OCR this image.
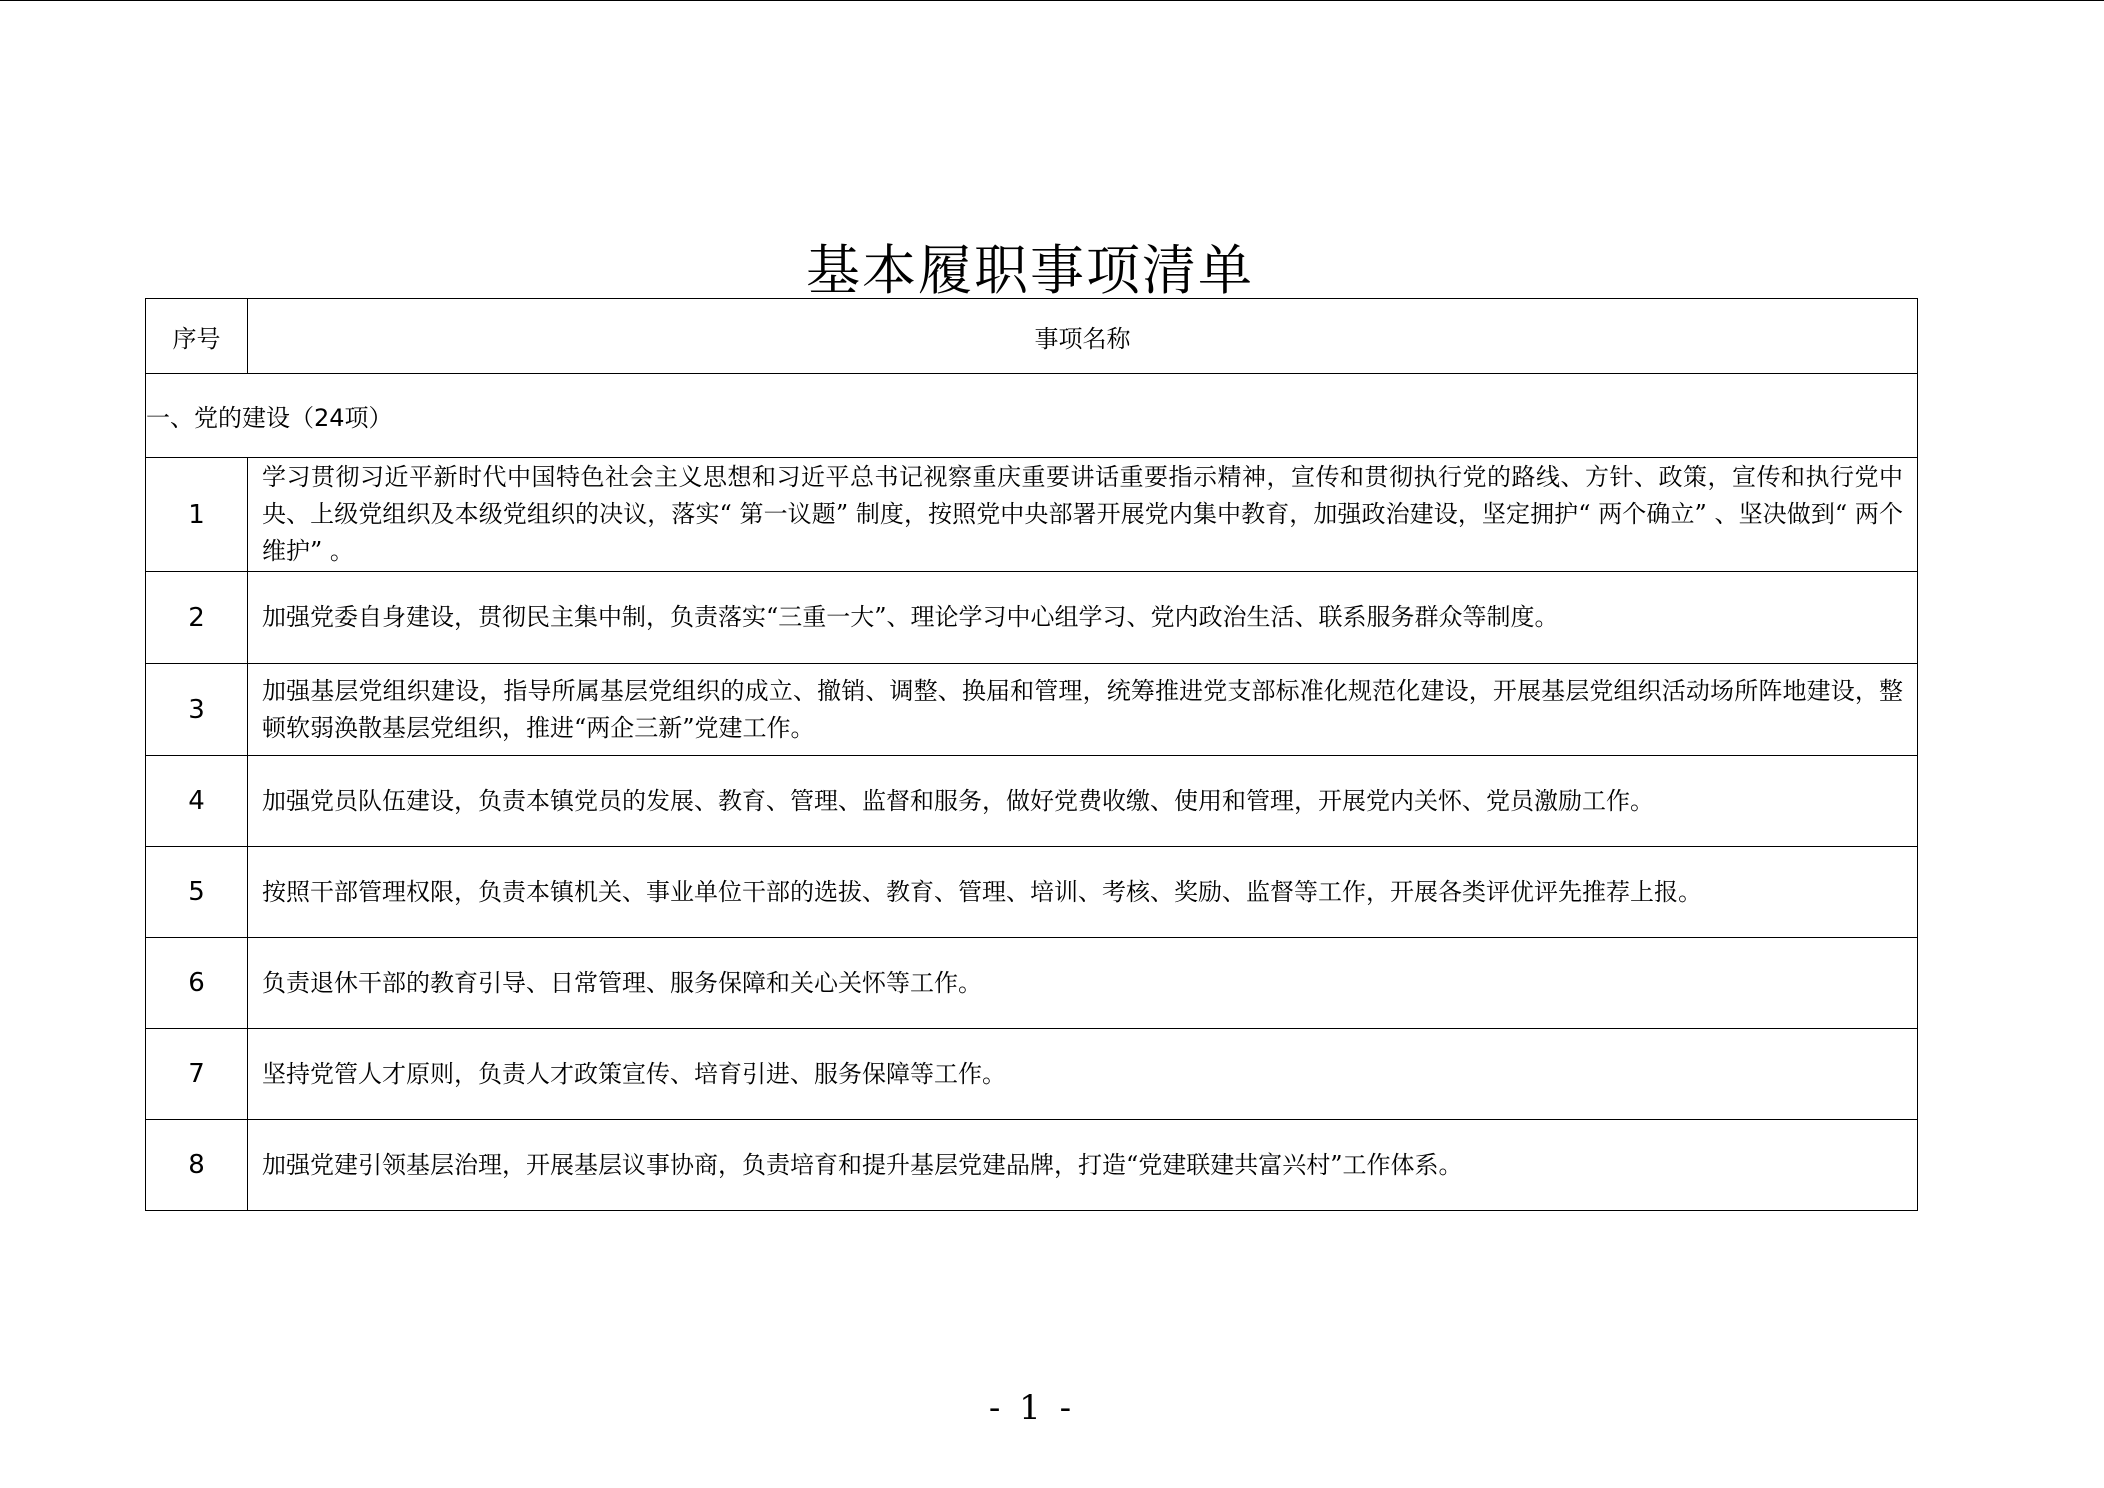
基本履职事项清单
序号	事项名称
一、党的建设（24项）	
1	学习贯彻习近平新时代中国特色社会主义思想和习近平总书记视察重庆重要讲话重要指示精神，宣传和贯彻执行党的路线、方针、政策，宣传和执行党中央、上级党组织及本级党组织的决议，落实“ 第一议题” 制度，按照党中央部署开展党内集中教育，加强政治建设，坚定拥护“ 两个确立” 、坚决做到“ 两个维护” 。
2	加强党委自身建设，贯彻民主集中制，负责落实“三重一大”、理论学习中心组学习、党内政治生活、联系服务群众等制度。
3	加强基层党组织建设，指导所属基层党组织的成立、撤销、调整、换届和管理，统筹推进党支部标准化规范化建设，开展基层党组织活动场所阵地建设，整顿软弱涣散基层党组织，推进“两企三新”党建工作。
4	加强党员队伍建设，负责本镇党员的发展、教育、管理、监督和服务，做好党费收缴、使用和管理，开展党内关怀、党员激励工作。
5	按照干部管理权限，负责本镇机关、事业单位干部的选拔、教育、管理、培训、考核、奖励、监督等工作，开展各类评优评先推荐上报。
6	负责退休干部的教育引导、日常管理、服务保障和关心关怀等工作。
7	坚持党管人才原则，负责人才政策宣传、培育引进、服务保障等工作。
8	加强党建引领基层治理，开展基层议事协商，负责培育和提升基层党建品牌，打造“党建联建共富兴村”工作体系。
- 1 -
